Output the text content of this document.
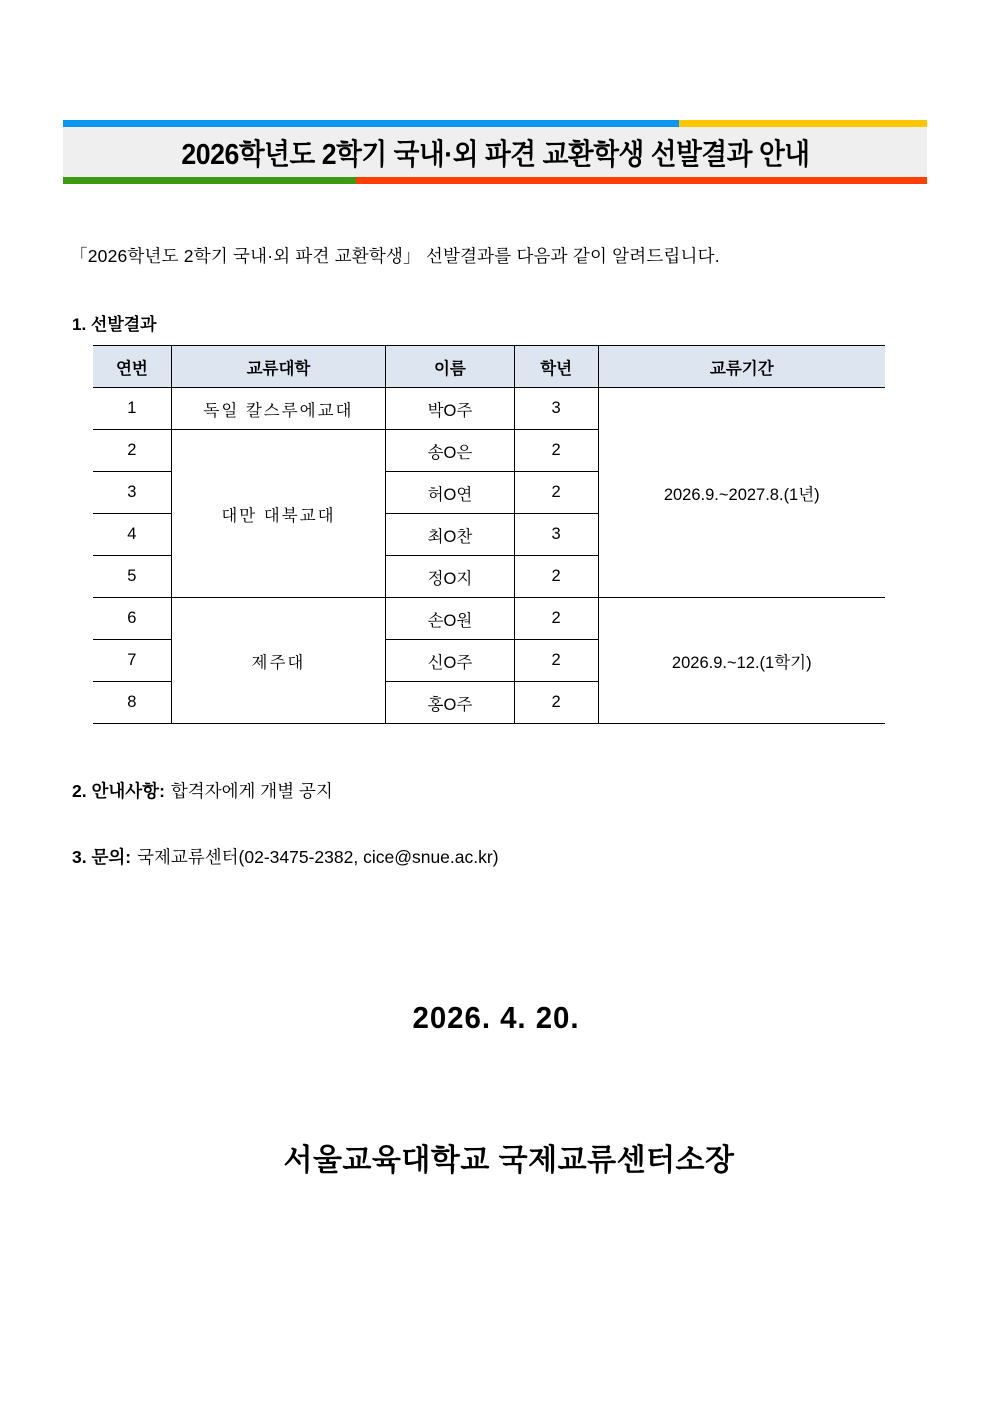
2026학년도 2학기 국내·외 파견 교환학생 선발결과 안내
「2026학년도 2학기 국내·외 파견 교환학생」 선발결과를 다음과 같이 알려드립니다.
1. 선발결과
연번	교류대학	이름	학년	교류기간
1	독일 칼스루에교대	박O주	3	2026.9.~2027.8.(1년)
2	대만 대북교대	송O은	2	
3		허O연	2	
4		최O찬	3	
5		정O지	2	
6	제주대	손O원	2	2026.9.~12.(1학기)
7		신O주	2	
8		홍O주	2	
2. 안내사항: 합격자에게 개별 공지
3. 문의: 국제교류센터(02-3475-2382, cice@snue.ac.kr)
2026. 4. 20.
서울교육대학교 국제교류센터소장
